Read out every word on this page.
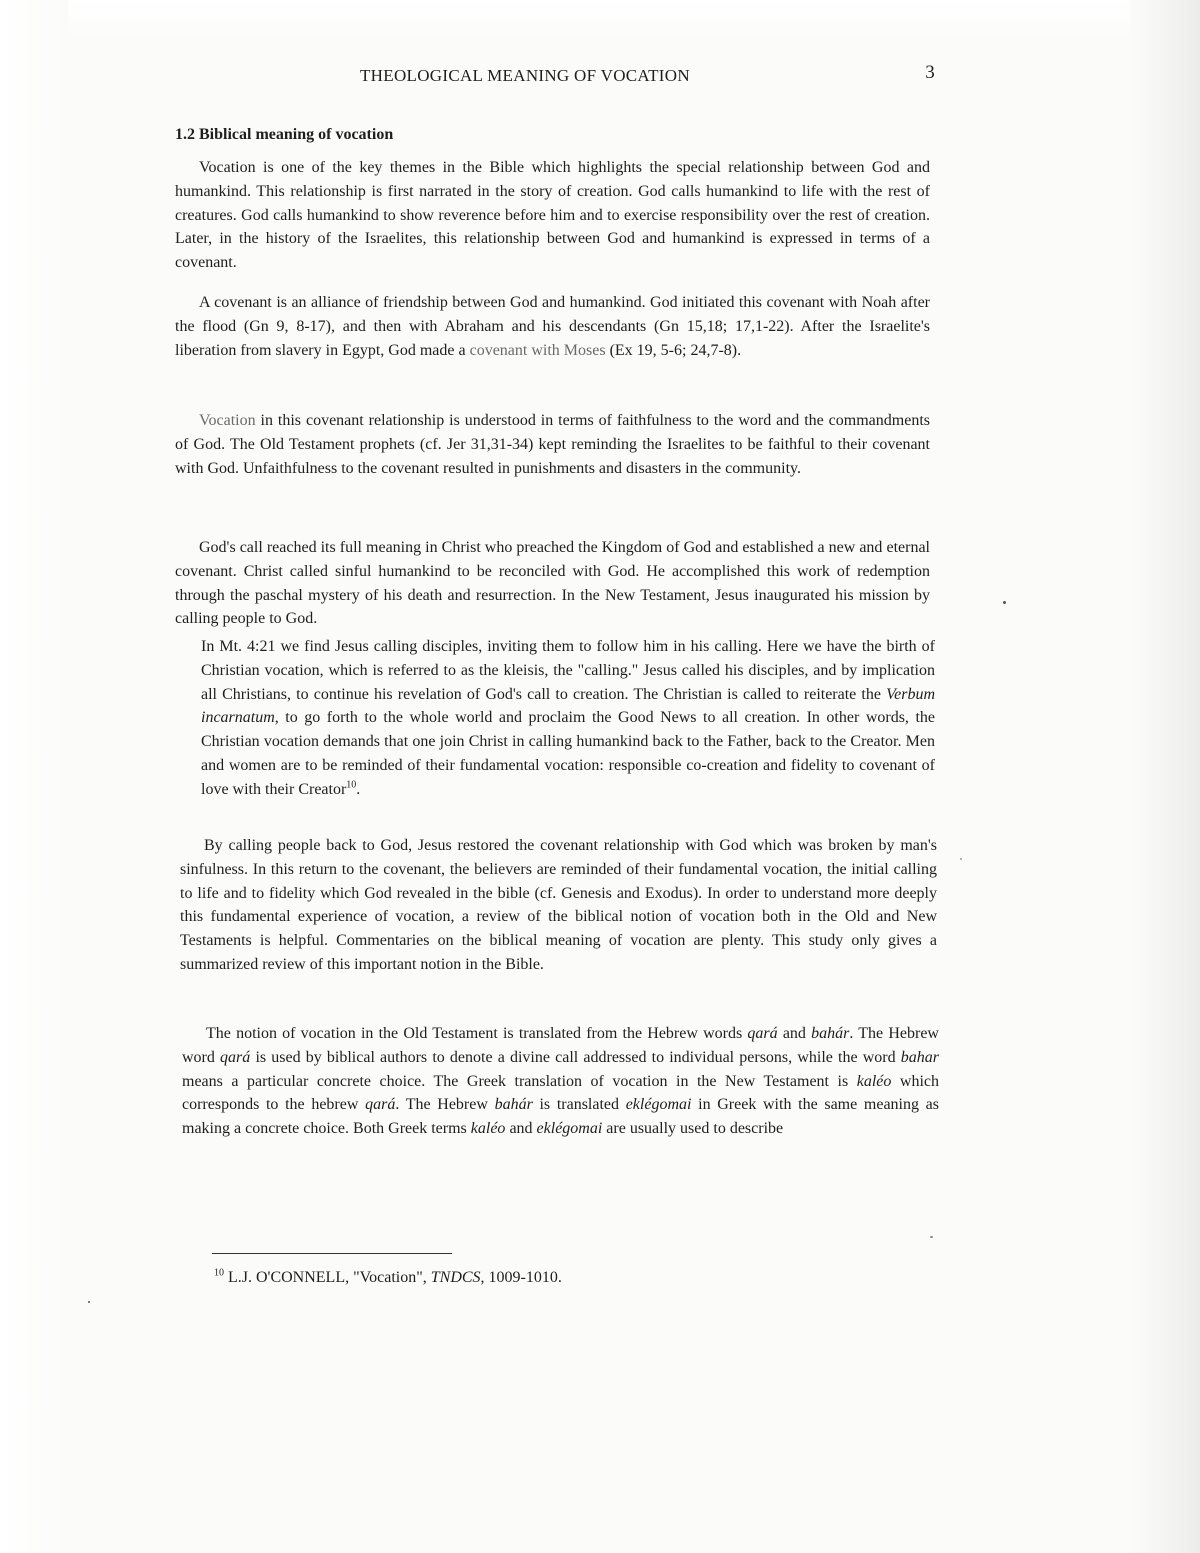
THEOLOGICAL MEANING OF VOCATION	3
1.2 Biblical meaning of vocation

Vocation is one of the key themes in the Bible which highlights the special relationship between God and humankind. This relationship is first narrated in the story of creation. God calls humankind to life with the rest of creatures. God calls humankind to show reverence before him and to exercise responsibility over the rest of creation. Later, in the history of the Israelites, this relationship between God and humankind is expressed in terms of a covenant.

A covenant is an alliance of friendship between God and humankind. God initiated this covenant with Noah after the flood (Gn 9, 8-17), and then with Abraham and his descendants (Gn 15,18; 17,1-22). After the Israelite's liberation from slavery in Egypt, God made a covenant with Moses (Ex 19, 5-6; 24,7-8).

Vocation in this covenant relationship is understood in terms of faithfulness to the word and the commandments of God. The Old Testament prophets (cf. Jer 31,31-34) kept reminding the Israelites to be faithful to their covenant with God. Unfaithfulness to the covenant resulted in punishments and disasters in the community.

God's call reached its full meaning in Christ who preached the Kingdom of God and established a new and eternal covenant. Christ called sinful humankind to be reconciled with God. He accomplished this work of redemption through the paschal mystery of his death and resurrection. In the New Testament, Jesus inaugurated his mission by calling people to God.

In Mt. 4:21 we find Jesus calling disciples, inviting them to follow him in his calling. Here we have the birth of Christian vocation, which is referred to as the kleisis, the "calling." Jesus called his disciples, and by implication all Christians, to continue his revelation of God's call to creation. The Christian is called to reiterate the Verbum incarnatum, to go forth to the whole world and proclaim the Good News to all creation. In other words, the Christian vocation demands that one join Christ in calling humankind back to the Father, back to the Creator. Men and women are to be reminded of their fundamental vocation: responsible co-creation and fidelity to covenant of love with their Creator$^{10}$.

By calling people back to God, Jesus restored the covenant relationship with God which was broken by man's sinfulness. In this return to the covenant, the believers are reminded of their fundamental vocation, the initial calling to life and to fidelity which God revealed in the bible (cf. Genesis and Exodus). In order to understand more deeply this fundamental experience of vocation, a review of the biblical notion of vocation both in the Old and New Testaments is helpful. Commentaries on the biblical meaning of vocation are plenty. This study only gives a summarized review of this important notion in the Bible.

The notion of vocation in the Old Testament is translated from the Hebrew words qará and bahár. The Hebrew word qará is used by biblical authors to denote a divine call addressed to individual persons, while the word bahar means a particular concrete choice. The Greek translation of vocation in the New Testament is kaléo which corresponds to the hebrew qará. The Hebrew bahár is translated eklégomai in Greek with the same meaning as making a concrete choice. Both Greek terms kaléo and eklégomai are usually used to describe

$^{10}$ L.J. O'CONNELL, "Vocation", TNDCS, 1009-1010.
